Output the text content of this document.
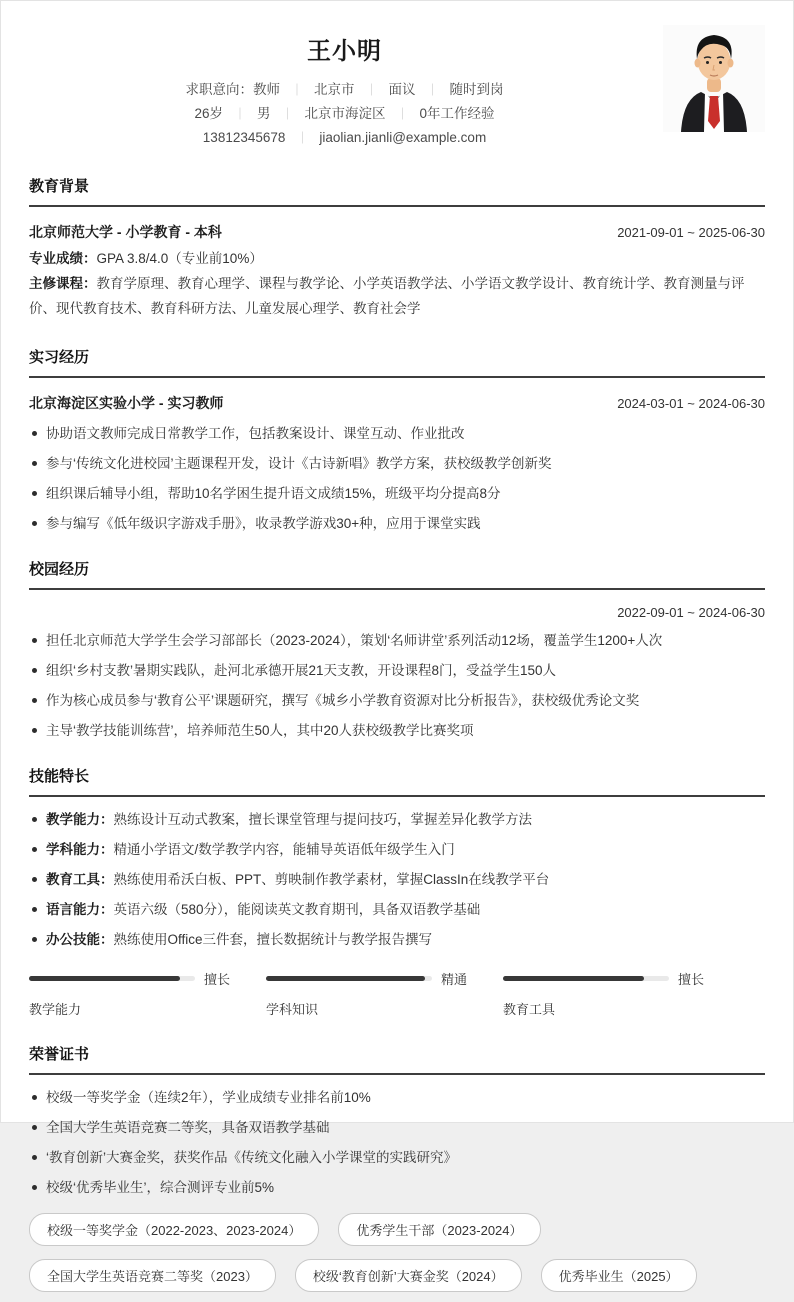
王小明
求职意向：教师	｜ 北京市	｜ 面议	｜ 随时到岗
26岁	｜ 男	｜ 北京市海淀区	｜ 0年工作经验
13812345678	｜ jiaolian.jianli@example.com
教育背景
北京师范大学 - 小学教育 - 本科	2021-09-01 ~ 2025-06-30
专业成绩：GPA 3.8/4.0（专业前10%）
主修课程：教育学原理、教育心理学、课程与教学论、小学英语教学法、小学语文教学设计、教育统计学、教育测量与评价、现代教育技术、教育科研方法、儿童发展心理学、教育社会学
实习经历
北京海淀区实验小学 - 实习教师	2024-03-01 ~ 2024-06-30
协助语文教师完成日常教学工作，包括教案设计、课堂互动、作业批改
参与‘传统文化进校园’主题课程开发，设计《古诗新唱》教学方案，获校级教学创新奖
组织课后辅导小组，帮助10名学困生提升语文成绩15%，班级平均分提高8分
参与编写《低年级识字游戏手册》，收录教学游戏30+种，应用于课堂实践
校园经历
2022-09-01 ~ 2024-06-30
担任北京师范大学学生会学习部部长（2023-2024），策划‘名师讲堂’系列活动12场，覆盖学生1200+人次
组织‘乡村支教’暑期实践队，赴河北承德开展21天支教，开设课程8门，受益学生150人
作为核心成员参与‘教育公平’课题研究，撰写《城乡小学教育资源对比分析报告》，获校级优秀论文奖
主导‘教学技能训练营’，培养师范生50人，其中20人获校级教学比赛奖项
技能特长
教学能力：熟练设计互动式教案，擅长课堂管理与提问技巧，掌握差异化教学方法
学科能力：精通小学语文/数学教学内容，能辅导英语低年级学生入门
教育工具：熟练使用希沃白板、PPT、剪映制作教学素材，掌握ClassIn在线教学平台
语言能力：英语六级（580分），能阅读英文教育期刊，具备双语教学基础
办公技能：熟练使用Office三件套，擅长数据统计与教学报告撰写
擅长
教学能力
精通
学科知识
擅长
教育工具
荣誉证书
校级一等奖学金（连续2年），学业成绩专业排名前10%
全国大学生英语竞赛二等奖，具备双语教学基础
‘教育创新’大赛金奖，获奖作品《传统文化融入小学课堂的实践研究》
校级‘优秀毕业生’，综合测评专业前5%
校级一等奖学金（2022-2023、2023-2024）	优秀学生干部（2023-2024）
全国大学生英语竞赛二等奖（2023）	校级‘教育创新’大赛金奖（2024）	优秀毕业生（2025）
